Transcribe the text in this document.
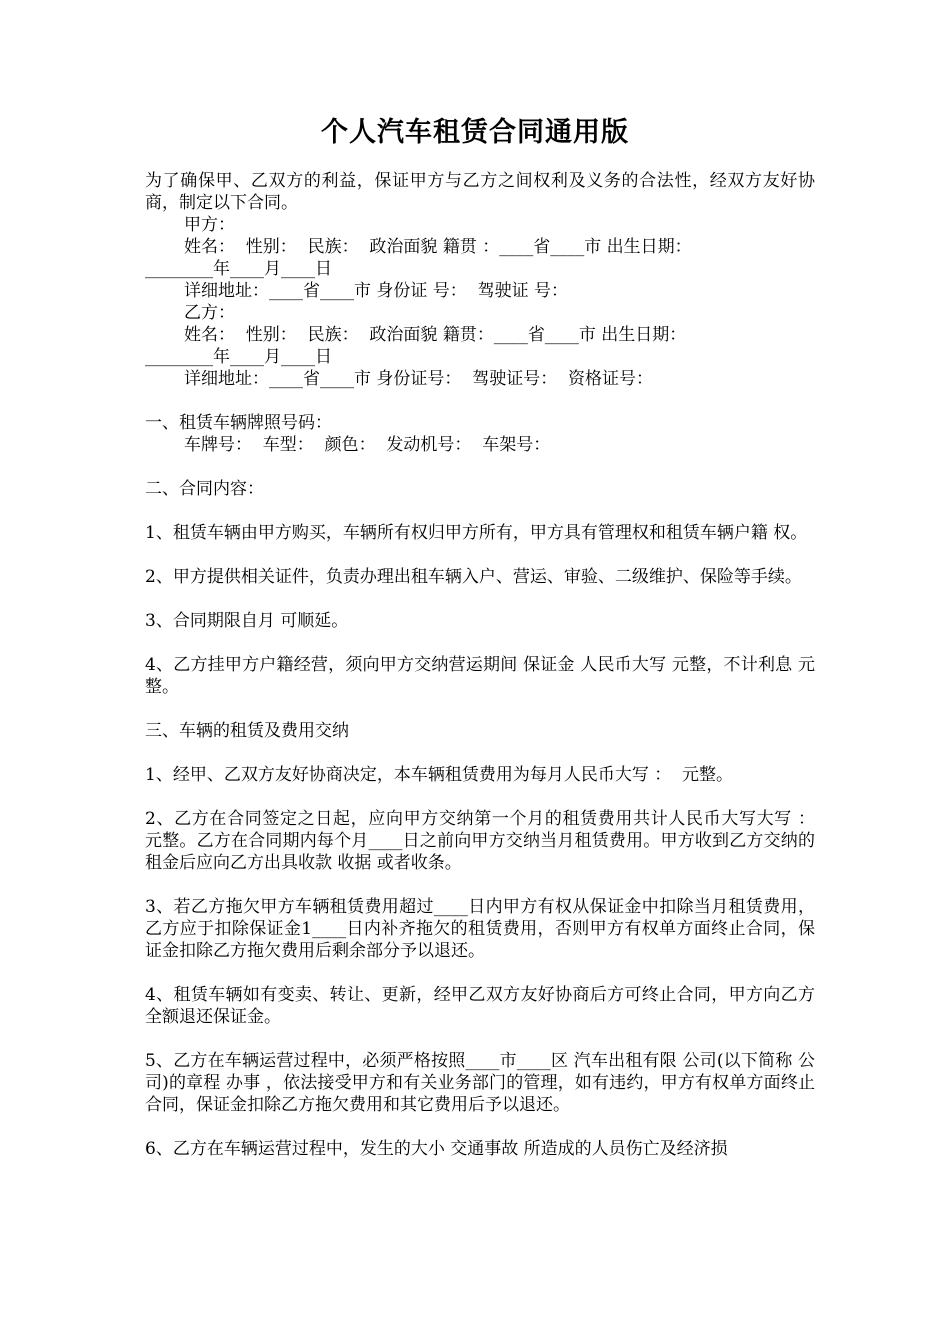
个人汽车租赁合同通用版

为了确保甲、乙双方的利益，保证甲方与乙方之间权利及义务的合法性，经双方友好协商，制定以下合同。

甲方：

姓名：  性别：  民族：  政治面貌 籍贯 ：____省____市 出生日期：

________年____月____日

详细地址：____省____市 身份证 号：  驾驶证 号：

乙方：

姓名：  性别：  民族：  政治面貌 籍贯：____省____市 出生日期：

________年____月____日

详细地址：____省____市 身份证号：  驾驶证号：  资格证号：

一、租赁车辆牌照号码：

车牌号：  车型：  颜色：  发动机号：  车架号：

二、合同内容：

1、租赁车辆由甲方购买，车辆所有权归甲方所有，甲方具有管理权和租赁车辆户籍 权。

2、甲方提供相关证件，负责办理出租车辆入户、营运、审验、二级维护、保险等手续。

3、合同期限自月 可顺延。

4、乙方挂甲方户籍经营，须向甲方交纳营运期间 保证金 人民币大写 元整，不计利息 元整。

三、车辆的租赁及费用交纳

1、经甲、乙双方友好协商决定，本车辆租赁费用为每月人民币大写 ：  元整。

2、乙方在合同签定之日起，应向甲方交纳第一个月的租赁费用共计人民币大写大写 ：  元整。乙方在合同期内每个月____日之前向甲方交纳当月租赁费用。甲方收到乙方交纳的租金后应向乙方出具收款 收据 或者收条。

3、若乙方拖欠甲方车辆租赁费用超过____日内甲方有权从保证金中扣除当月租赁费用，乙方应于扣除保证金1____日内补齐拖欠的租赁费用，否则甲方有权单方面终止合同，保证金扣除乙方拖欠费用后剩余部分予以退还。

4、租赁车辆如有变卖、转让、更新，经甲乙双方友好协商后方可终止合同，甲方向乙方全额退还保证金。

5、乙方在车辆运营过程中，必须严格按照____市____区 汽车出租有限 公司(以下简称 公司)的章程 办事 ，依法接受甲方和有关业务部门的管理，如有违约，甲方有权单方面终止合同，保证金扣除乙方拖欠费用和其它费用后予以退还。

6、乙方在车辆运营过程中，发生的大小 交通事故 所造成的人员伤亡及经济损
